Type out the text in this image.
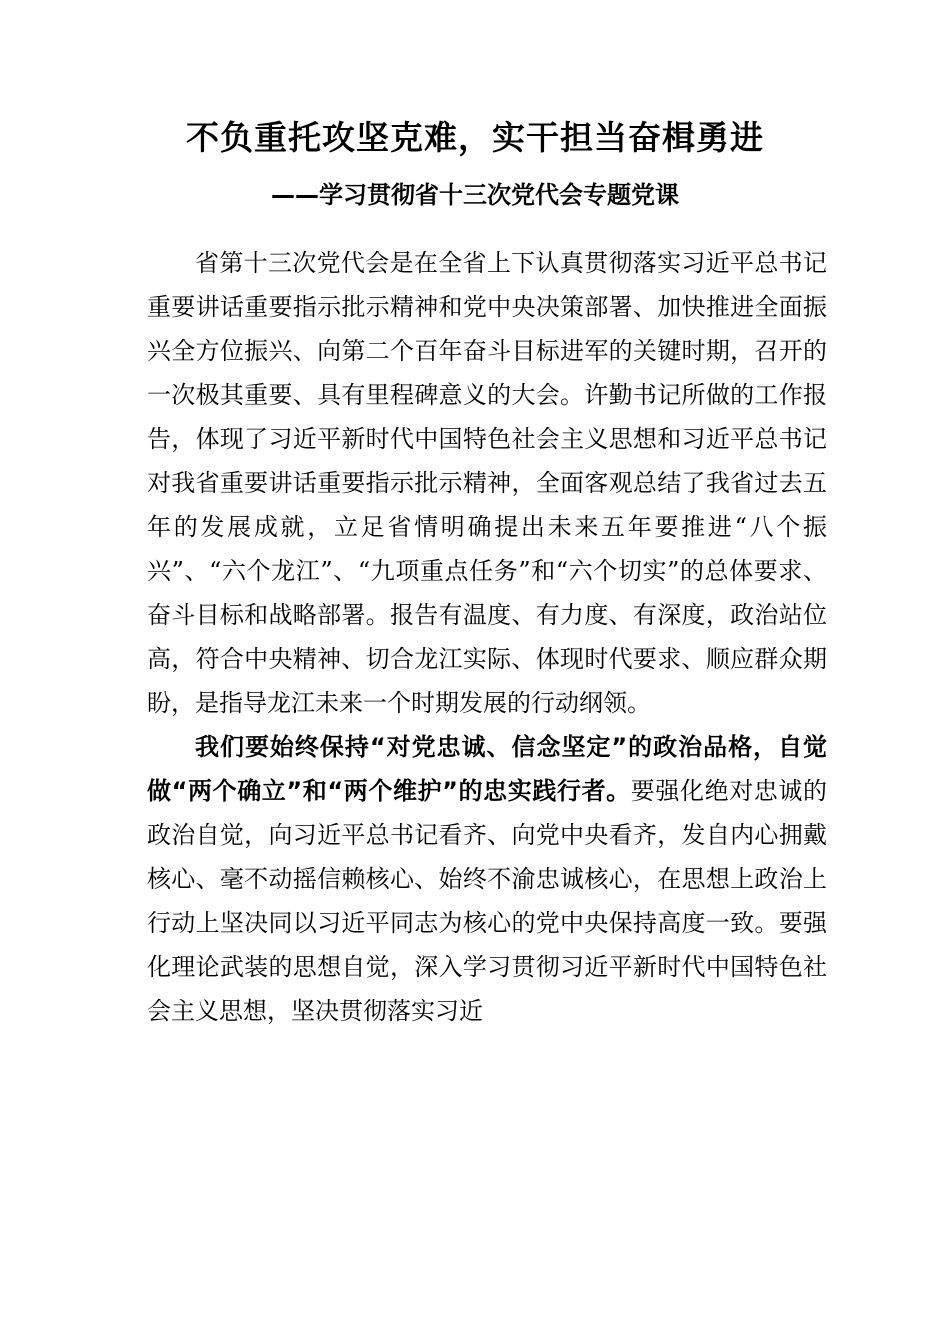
不负重托攻坚克难，实干担当奋楫勇进
——学习贯彻省十三次党代会专题党课

省第十三次党代会是在全省上下认真贯彻落实习近平总书记重要讲话重要指示批示精神和党中央决策部署、加快推进全面振兴全方位振兴、向第二个百年奋斗目标进军的关键时期，召开的一次极其重要、具有里程碑意义的大会。许勤书记所做的工作报告，体现了习近平新时代中国特色社会主义思想和习近平总书记对我省重要讲话重要指示批示精神，全面客观总结了我省过去五年的发展成就，立足省情明确提出未来五年要推进“八个振兴”、“六个龙江”、“九项重点任务”和“六个切实”的总体要求、奋斗目标和战略部署。报告有温度、有力度、有深度，政治站位高，符合中央精神、切合龙江实际、体现时代要求、顺应群众期盼，是指导龙江未来一个时期发展的行动纲领。

我们要始终保持“对党忠诚、信念坚定”的政治品格，自觉做“两个确立”和“两个维护”的忠实践行者。要强化绝对忠诚的政治自觉，向习近平总书记看齐、向党中央看齐，发自内心拥戴核心、毫不动摇信赖核心、始终不渝忠诚核心，在思想上政治上行动上坚决同以习近平同志为核心的党中央保持高度一致。要强化理论武装的思想自觉，深入学习贯彻习近平新时代中国特色社会主义思想，坚决贯彻落实习近
